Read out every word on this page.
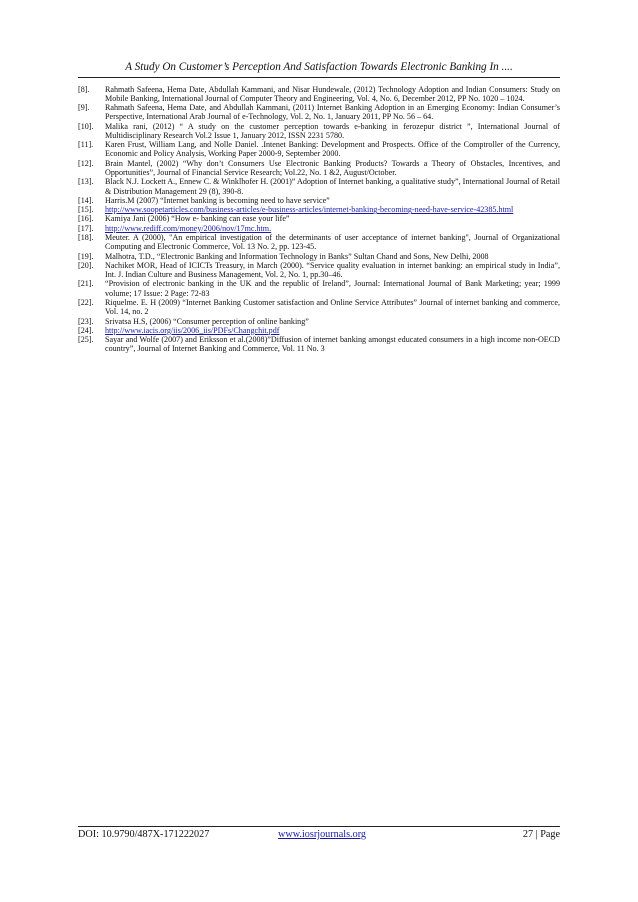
A Study On Customer’s Perception And Satisfaction Towards Electronic Banking In ....
[8].	Rahmath Safeena, Hema Date, Abdullah Kammani, and Nisar Hundewale, (2012) Technology Adoption and Indian Consumers: Study on Mobile Banking, International Journal of Computer Theory and Engineering, Vol. 4, No. 6, December 2012, PP No. 1020 – 1024.
[9].	Rahmath Safeena, Hema Date, and Abdullah Kammani, (2011) Internet Banking Adoption in an Emerging Economy: Indian Consumer’s Perspective, International Arab Journal of e-Technology, Vol. 2, No. 1, January 2011, PP No. 56 – 64.
[10].	Malika rani, (2012) “ A study on the customer perception towards e-banking in ferozepur district ”, International Journal of Multidisciplinary Research Vol.2 Issue 1, January 2012, ISSN 2231 5780.
[11].	Karen Frust, William Lang, and Nolle Daniel. .Intenet Banking: Development and Prospects. Office of the Comptroller of the Currency, Economic and Policy Analysis, Working Paper 2000-9, September 2000.
[12].	Brain Mantel, (2002) “Why don’t Consumers Use Electronic Banking Products? Towards a Theory of Obstacles, Incentives, and Opportunities”, Journal of Financial Service Research; Vol.22, No. 1 &2, August/October.
[13].	Black N.J. Lockett A., Ennew C. & Winklhofer H. (2001)” Adoption of Internet banking, a qualitative study”, International Journal of Retail & Distribution Management 29 (8), 390-8.
[14].	Harris.M (2007) “Internet banking is becoming need to have service”
[15].	http://www.soopetarticles.com/business-articles/e-business-articles/internet-banking-becoming-need-have-service-42385.html
[16].	Kamiya Jani (2006) “How e- banking can ease your life”
[17].	http://www.rediff.com/money/2006/nov/17mc.htm.
[18].	Meuter. A (2000), "An empirical investigation of the determinants of user acceptance of internet banking", Journal of Organizational Computing and Electronic Commerce, Vol. 13 No. 2, pp. 123-45.
[19].	Malhotra, T.D., “Electronic Banking and Information Technology in Banks” Sultan Chand and Sons, New Delhi, 2008
[20].	Nachiket MOR, Head of ICICTs Treasury, in March (2000). “Service quality evaluation in internet banking: an empirical study in India”, Int. J. Indian Culture and Business Management, Vol. 2, No. 1, pp.30–46.
[21].	“Provision of electronic banking in the UK and the republic of Ireland”, Journal: International Journal of Bank Marketing; year; 1999 volume; 17 Issue: 2 Page: 72-83
[22].	Riquelme. E. H (2009) “Internet Banking Customer satisfaction and Online Service Attributes” Journal of internet banking and commerce, Vol. 14, no. 2
[23].	Srivatsa H.S, (2006) “Consumer perception of online banking”
[24].	http://www.iacis.org/iis/2006_iis/PDFs/Changchit.pdf
[25].	Sayar and Wolfe (2007) and Eriksson et al.(2008)”Diffusion of internet banking amongst educated consumers in a high income non-OECD country”, Journal of Internet Banking and Commerce, Vol. 11 No. 3
DOI: 10.9790/487X-171222027	www.iosrjournals.org	27 | Page
